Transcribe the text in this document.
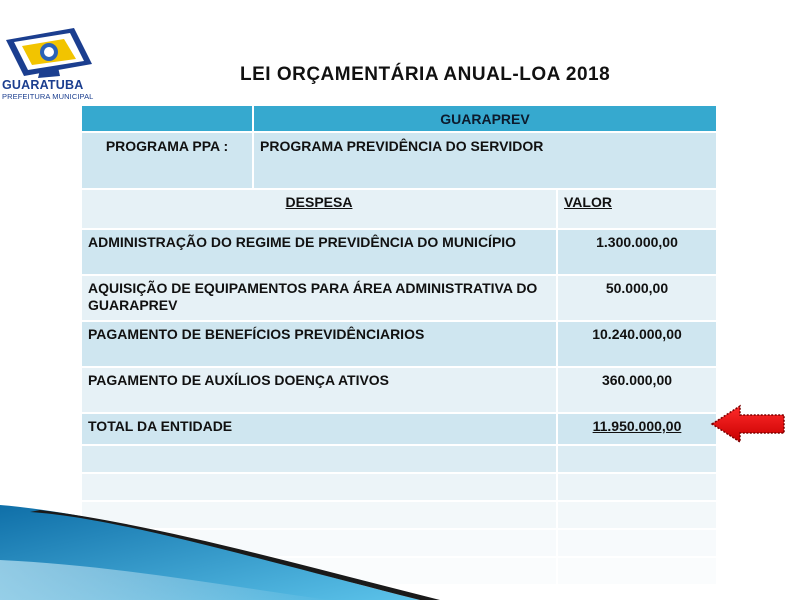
GUARATUBA
PREFEITURA MUNICIPAL
LEI ORÇAMENTÁRIA ANUAL-LOA 2018
	GUARAPREV	
PROGRAMA PPA :	PROGRAMA PREVIDÊNCIA DO SERVIDOR	
DESPESA		VALOR
ADMINISTRAÇÃO DO REGIME DE PREVIDÊNCIA DO MUNICÍPIO		1.300.000,00
AQUISIÇÃO DE EQUIPAMENTOS PARA ÁREA ADMINISTRATIVA DO GUARAPREV		50.000,00
PAGAMENTO DE BENEFÍCIOS PREVIDÊNCIARIOS		10.240.000,00
PAGAMENTO DE AUXÍLIOS DOENÇA ATIVOS		360.000,00
TOTAL DA ENTIDADE		11.950.000,00
